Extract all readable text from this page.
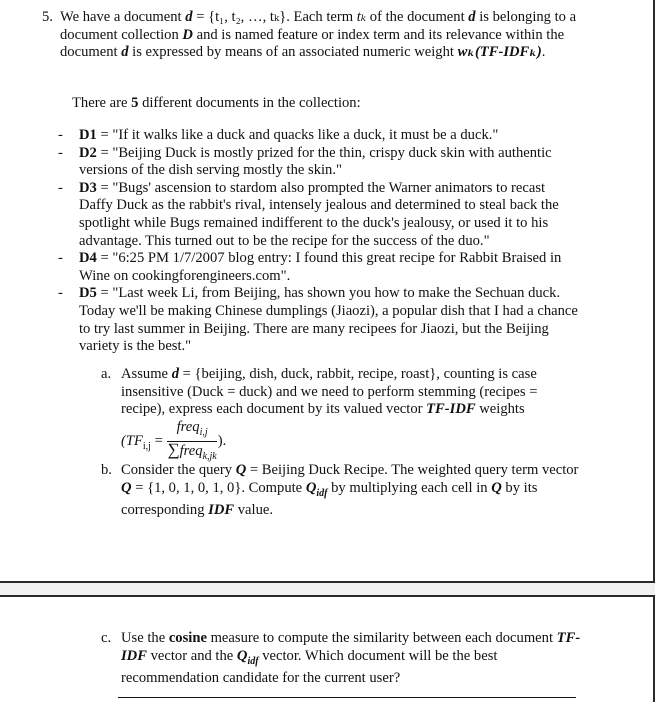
5. We have a document d = {t₁, t₂, …, tₖ}. Each term tₖ of the document d is belonging to a document collection D and is named feature or index term and its relevance within the document d is expressed by means of an associated numeric weight wₖ(TF-IDFₖ).
There are 5 different documents in the collection:
- D1 = "If it walks like a duck and quacks like a duck, it must be a duck."
- D2 = "Beijing Duck is mostly prized for the thin, crispy duck skin with authentic versions of the dish serving mostly the skin."
- D3 = "Bugs' ascension to stardom also prompted the Warner animators to recast Daffy Duck as the rabbit's rival, intensely jealous and determined to steal back the spotlight while Bugs remained indifferent to the duck's jealousy, or used it to his advantage. This turned out to be the recipe for the success of the duo."
- D4 = "6:25 PM 1/7/2007 blog entry: I found this great recipe for Rabbit Braised in Wine on cookingforengineers.com".
- D5 = "Last week Li, from Beijing, has shown you how to make the Sechuan duck. Today we'll be making Chinese dumplings (Jiaozi), a popular dish that I had a chance to try last summer in Beijing. There are many recipees for Jiaozi, but the Beijing variety is the best."
a. Assume d = {beijing, dish, duck, rabbit, recipe, roast}, counting is case insensitive (Duck = duck) and we need to perform stemming (recipes = recipe), express each document by its valued vector TF-IDF weights
($TF_{i,j} = \frac{freq_{i,j}}{\sum freq_{k,jk}}$ ).
b. Consider the query Q = Beijing Duck Recipe. The weighted query term vector Q = {1, 0, 1, 0, 1, 0}. Compute $Q_{idf}$ by multiplying each cell in Q by its corresponding IDF value.
c. Use the cosine measure to compute the similarity between each document TF-IDF vector and the $Q_{idf}$ vector. Which document will be the best recommendation candidate for the current user?
